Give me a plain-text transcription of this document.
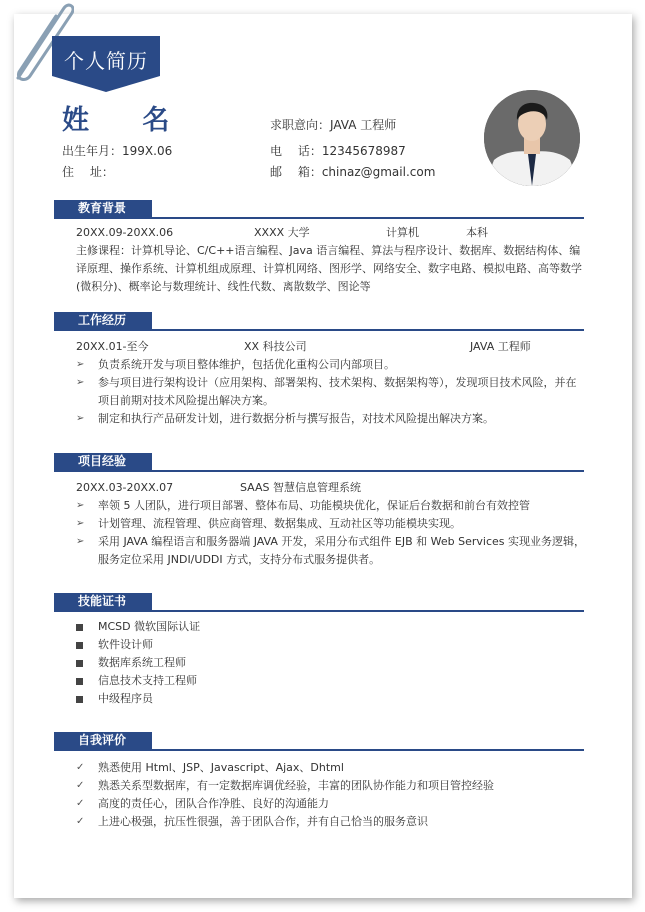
个人简历
姓 名
出生年月：199X.06
住　 址：
求职意向：JAVA 工程师
电　 话：12345678987
邮　 箱：chinaz@gmail.com
教育背景
20XX.09-20XX.06	XXXX 大学	计算机	本科
主修课程：计算机导论、C/C++语言编程、Java 语言编程、算法与程序设计、数据库、数据结构体、编译原理、操作系统、计算机组成原理、计算机网络、图形学、网络安全、数字电路、模拟电路、高等数学(微积分)、概率论与数理统计、线性代数、离散数学、图论等
工作经历
20XX.01-至今	XX 科技公司	JAVA 工程师
➢	负责系统开发与项目整体维护，包括优化重构公司内部项目。
➢	参与项目进行架构设计（应用架构、部署架构、技术架构、数据架构等），发现项目技术风险，并在项目前期对技术风险提出解决方案。
➢	制定和执行产品研发计划，进行数据分析与撰写报告，对技术风险提出解决方案。
项目经验
20XX.03-20XX.07	SAAS 智慧信息管理系统
➢	率领 5 人团队，进行项目部署、整体布局、功能模块优化，保证后台数据和前台有效控管
➢	计划管理、流程管理、供应商管理、数据集成、互动社区等功能模块实现。
➢	采用 JAVA 编程语言和服务器端 JAVA 开发，采用分布式组件 EJB 和 Web Services 实现业务逻辑，服务定位采用 JNDI/UDDI 方式，支持分布式服务提供者。
技能证书
MCSD 微软国际认证
软件设计师
数据库系统工程师
信息技术支持工程师
中级程序员
自我评价
✓	熟悉使用 Html、JSP、Javascript、Ajax、Dhtml
✓	熟悉关系型数据库，有一定数据库调优经验，丰富的团队协作能力和项目管控经验
✓	高度的责任心，团队合作净胜、良好的沟通能力
✓	上进心极强，抗压性很强，善于团队合作，并有自己恰当的服务意识
